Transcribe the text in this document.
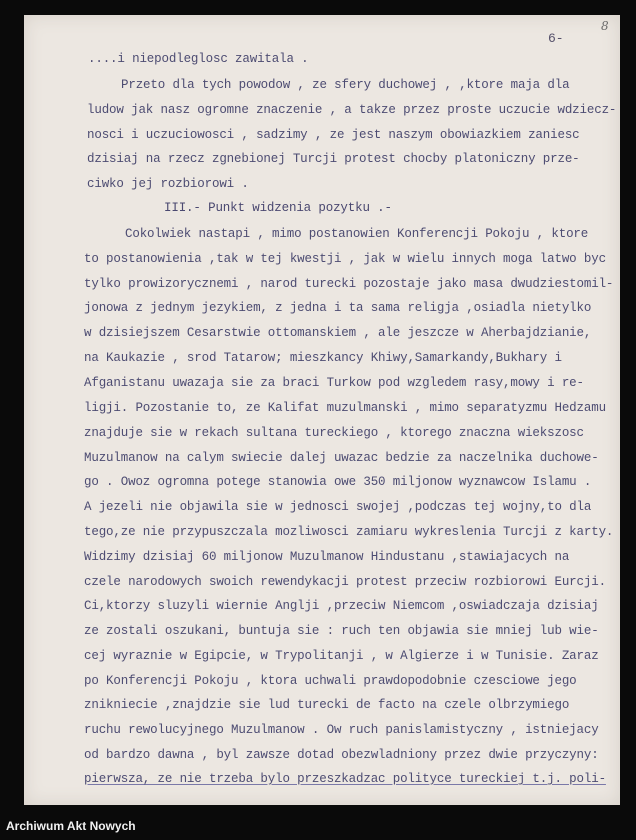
8
6-
....i niepodleglosc zawitala .
Przeto dla tych powodow , ze sfery duchowej , ,ktore maja dla
ludow jak nasz ogromne znaczenie , a takze przez proste uczucie wdziecz-
nosci i uczuciowosci , sadzimy , ze jest naszym obowiazkiem zaniesc
dzisiaj na rzecz zgnebionej Turcji protest chocby platoniczny prze-
ciwko jej rozbiorowi .
III.- Punkt widzenia pozytku .-
Cokolwiek nastapi , mimo postanowien Konferencji Pokoju , ktore
to postanowienia ,tak w tej kwestji , jak w wielu innych moga latwo byc
tylko prowizorycznemi , narod turecki pozostaje jako masa dwudziestomil-
jonowa z jednym jezykiem, z jedna i ta sama religja ,osiadla nietylko
w dzisiejszem Cesarstwie ottomanskiem , ale jeszcze w Aherbajdzianie,
na Kaukazie , srod Tatarow; mieszkancy Khiwy,Samarkandy,Bukhary i
Afganistanu uwazaja sie za braci Turkow pod wzgledem rasy,mowy i re-
ligji. Pozostanie to, ze Kalifat muzulmanski , mimo separatyzmu Hedzamu
znajduje sie w rekach sultana tureckiego , ktorego znaczna wiekszosc
Muzulmanow na calym swiecie dalej uwazac bedzie za naczelnika duchowe-
go . Owoz ogromna potege stanowia owe 350 miljonow wyznawcow Islamu .
A jezeli nie objawila sie w jednosci swojej ,podczas tej wojny,to dla
tego,ze nie przypuszczala mozliwosci zamiaru wykreslenia Turcji z karty.
Widzimy dzisiaj 60 miljonow Muzulmanow Hindustanu ,stawiajacych na
czele narodowych swoich rewendykacji protest przeciw rozbiorowi Eurcji.
Ci,ktorzy sluzyli wiernie Anglji ,przeciw Niemcom ,oswiadczaja dzisiaj
ze zostali oszukani, buntuja sie : ruch ten objawia sie mniej lub wie-
cej wyraznie w Egipcie, w Trypolitanji , w Algierze i w Tunisie. Zaraz
po Konferencji Pokoju , ktora uchwali prawdopodobnie czesciowe jego
znikniecie ,znajdzie sie lud turecki de facto na czele olbrzymiego
ruchu rewolucyjnego Muzulmanow . Ow ruch panislamistyczny , istniejacy
od bardzo dawna , byl zawsze dotad obezwladniony przez dwie przyczyny:
pierwsza, ze nie trzeba bylo przeszkadzac polityce tureckiej t.j. poli-
Archiwum Akt Nowych
